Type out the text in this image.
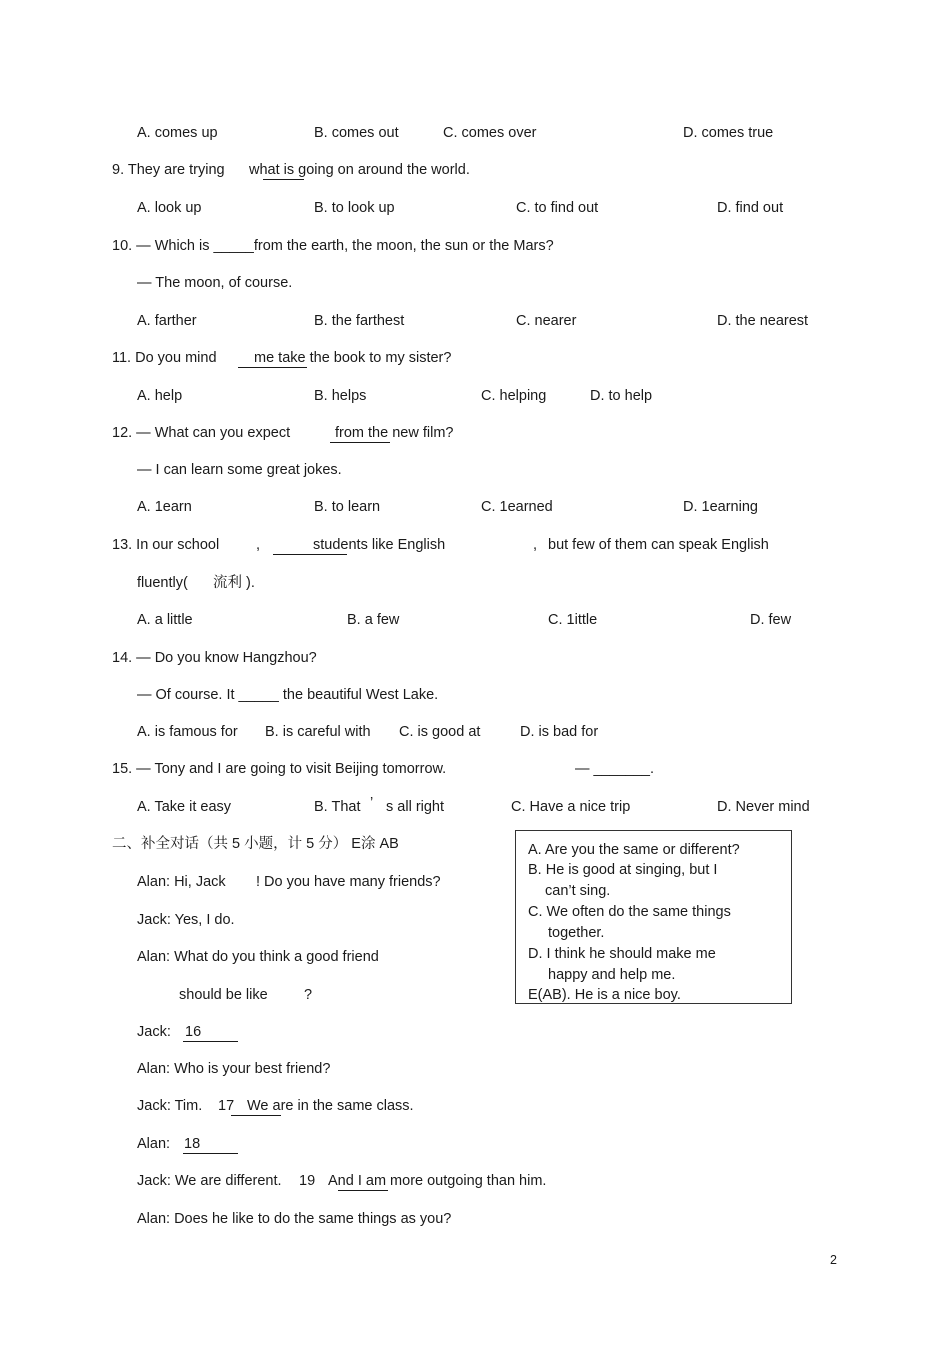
A. comes up	B. comes out	C. comes over	D. comes true
9. They are trying what is going on around the world.
A. look up	B. to look up	C. to find out	D. find out
10. — Which is _____from the earth, the moon, the sun or the Mars?
— The moon, of course.
A. farther	B. the farthest	C. nearer	D. the nearest
11. Do you mind	me take the book to my sister?
A. help	B. helps	C. helping	D. to help
12. — What can you expect	from the new film?
— I can learn some great jokes.
A. 1earn	B. to learn	C. 1earned	D. 1earning
13. In our school	,	students like English	, but few of them can speak English
fluently( 流利 ).
A. a little	B. a few	C. 1ittle	D. few
14. — Do you know Hangzhou?
— Of course. It _____ the beautiful West Lake.
A. is famous for B. is careful with C. is good at	D. is bad for
15. — Tony and I are going to visit Beijing tomorrow.	— _______.
A. Take it easy	B. That ’ s all right	C. Have a nice trip	D. Never mind
二、补全对话（共 5 小题，计 5 分） E涂 AB	A. Are you the same or different?
B. He is good at singing, but I
can’t sing.
C. We often do the same things
together.
D. I think he should make me
happy and help me.
E(AB). He is a nice boy.
Alan: Hi, Jack ! Do you have many friends?
Jack: Yes, I do.
Alan: What do you think a good friend
should be like	?
Jack: 16
Alan: Who is your best friend?
Jack: Tim. 17 We are in the same class.
Alan: 18
Jack: We are different. 19 And I am more outgoing than him.
Alan: Does he like to do the same things as you?
2
